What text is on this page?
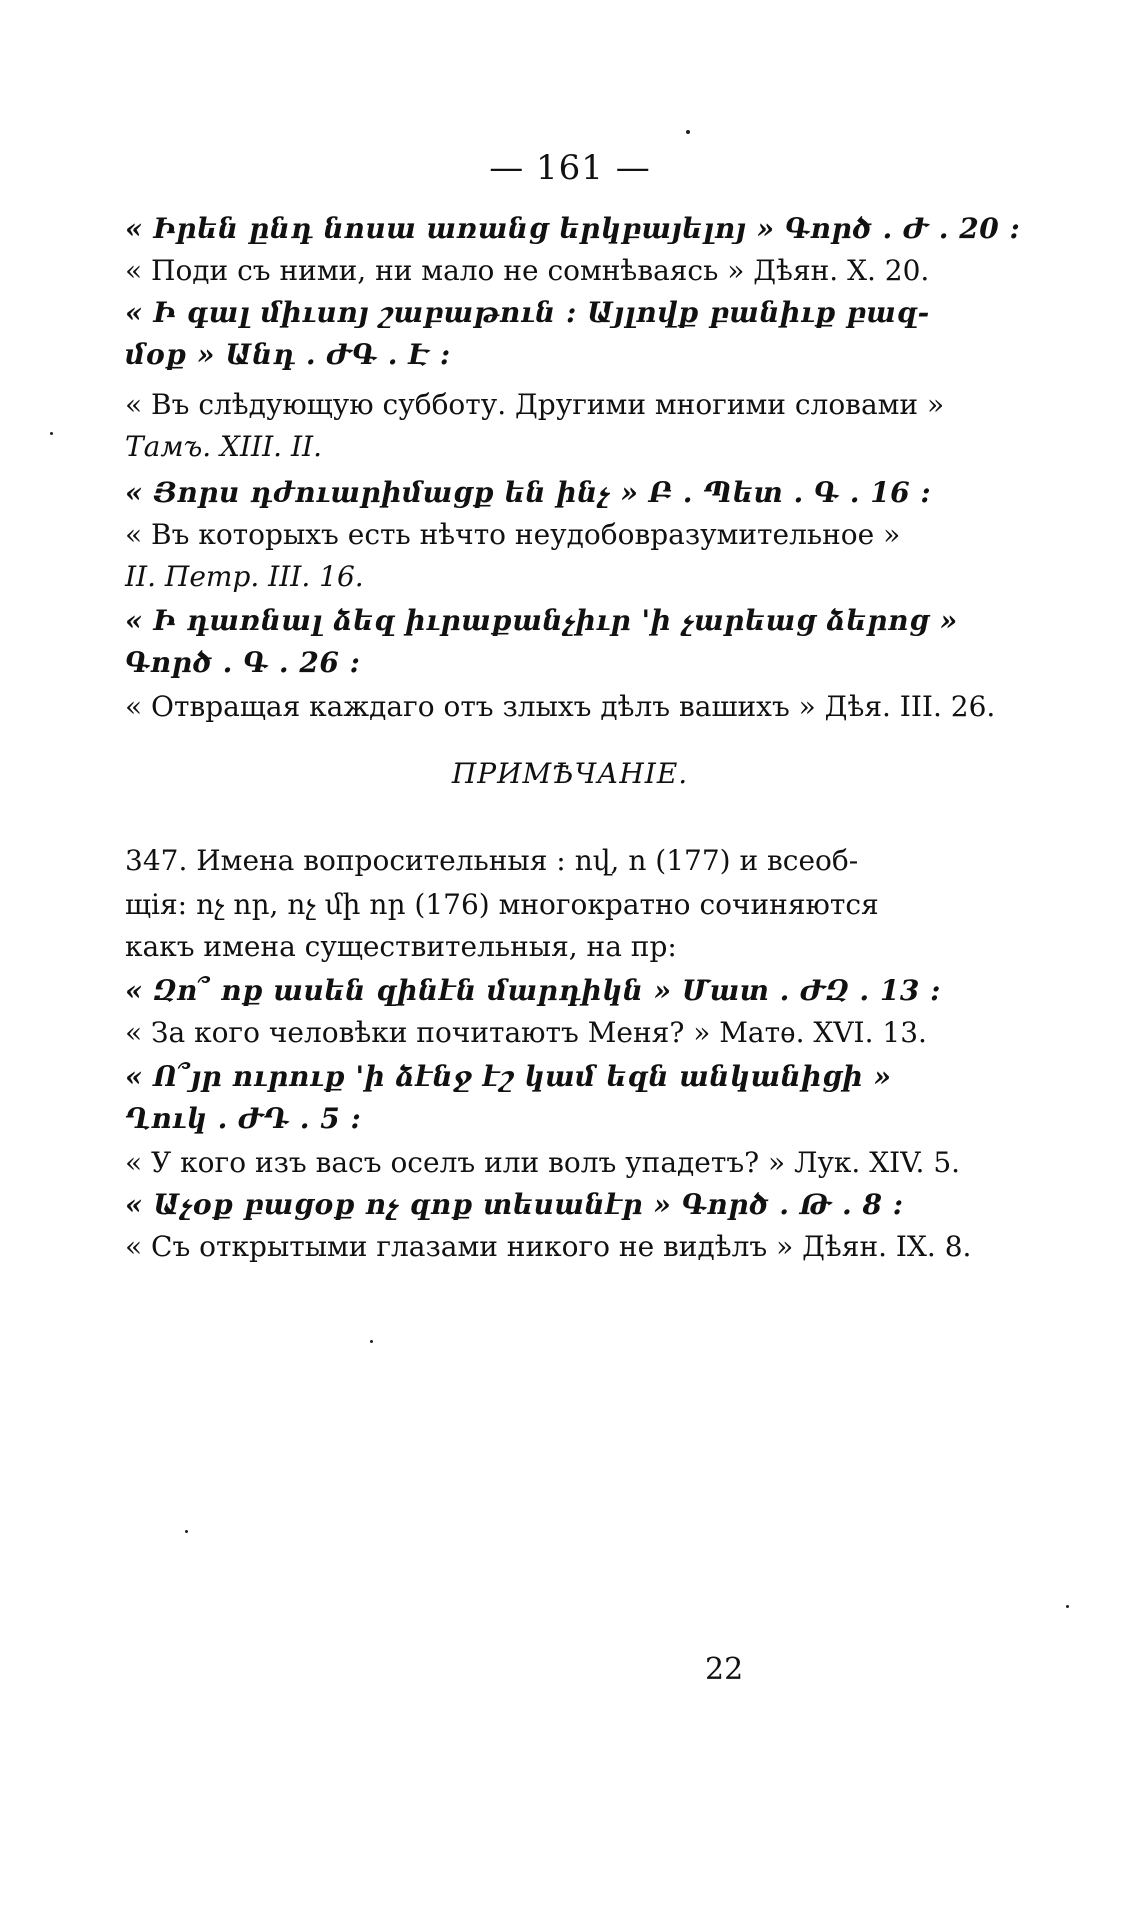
— 161 —
« Իրեն ընդ նոսա առանց երկբայելոյ » Գործ . Ժ . 20 :
« Поди съ ними, ни мало не сомнѣваясь » Дѣян. X. 20.
« Ի գալ միւսոյ շաբաթուն : Այլովք բանիւք բազ-
մօք » Անդ . ԺԳ . Է :
« Въ слѣдующую субботу. Другими многими словами »
Тамъ. XIII. II.
« Յորս դժուարիմացք են ինչ » Բ . Պետ . Գ . 16 :
« Въ которыхъ есть нѣчто неудобовразумительное »
II. Петр. III. 16.
« Ի դառնալ ձեզ իւրաքանչիւր 'ի չարեաց ձերոց »
Գործ . Գ . 26 :
« Отвращая каждаго отъ злыхъ дѣлъ вашихъ » Дѣя. III. 26.
ПРИМѢЧАНІЕ.
347. Имена вопросительныя : ով, ո (177) и всеоб-
щія: ոչ որ, ոչ մի որ (176) многократно сочиняются
какъ имена существительныя, на пр:
« Զո՞ ոք ասեն զինէն մարդիկն » Մատ . ԺԶ . 13 :
« За кого человѣки почитаютъ Меня? » Матѳ. XVI. 13.
« Ո՞յր ուրուք 'ի ձէնջ էշ կամ եզն անկանիցի »
Ղուկ . ԺԴ . 5 :
« У кого изъ васъ оселъ или волъ упадетъ? » Лук. XIV. 5.
« Աչօք բացօք ոչ զոք տեսանէր » Գործ . Թ . 8 :
« Съ открытыми глазами никого не видѣлъ » Дѣян. IX. 8.
22
